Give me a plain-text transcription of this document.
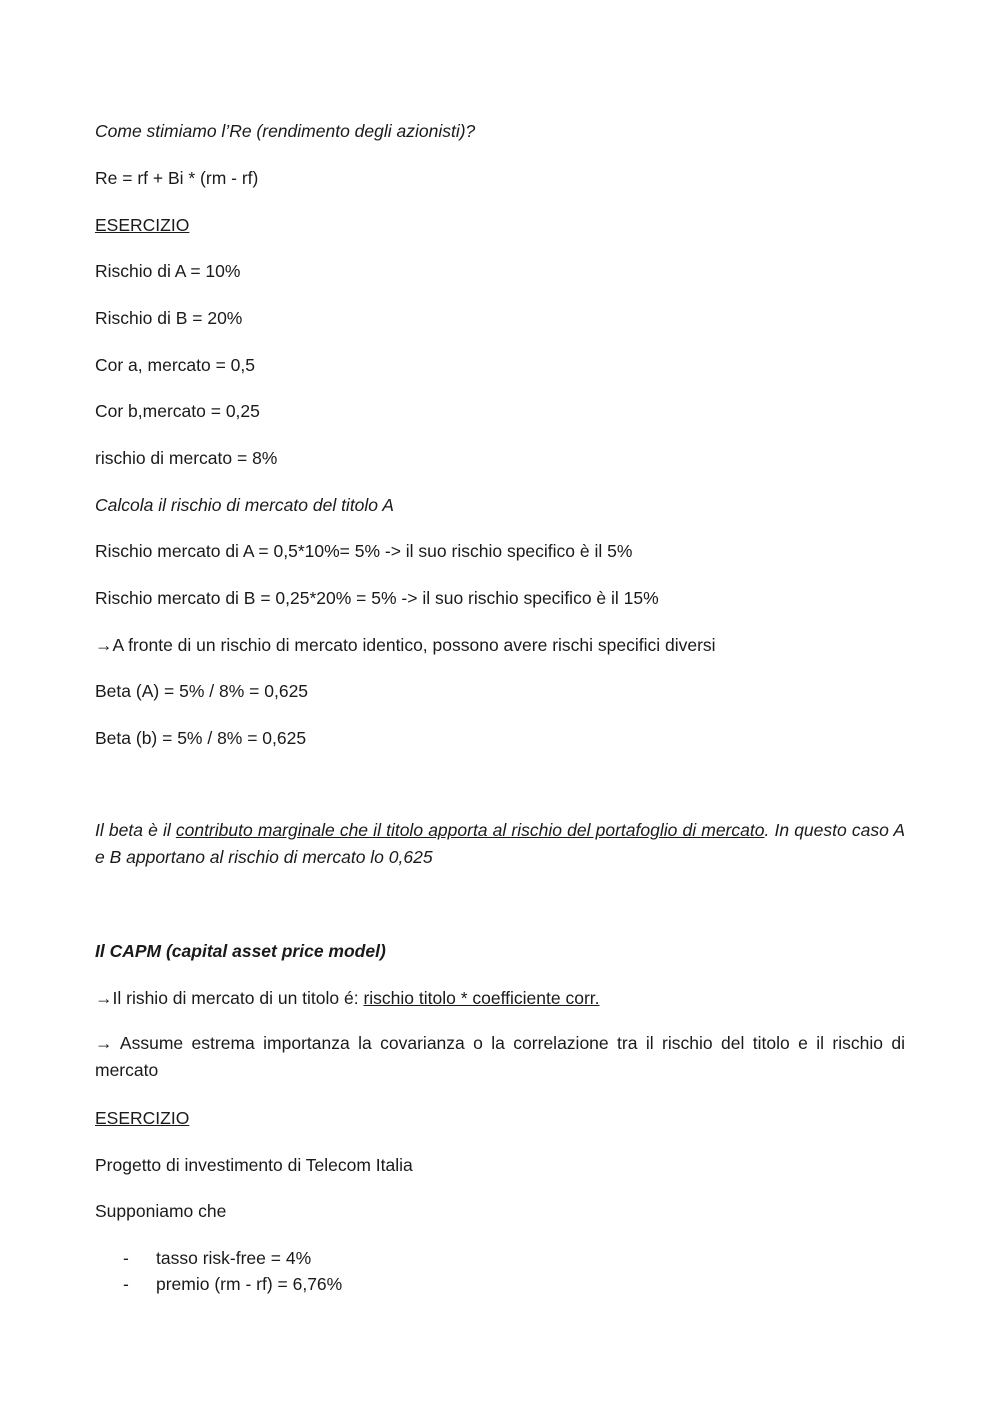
Come stimiamo l’Re (rendimento degli azionisti)?
Re = rf + Bi * (rm - rf)
ESERCIZIO
Rischio di A = 10%
Rischio di B = 20%
Cor a, mercato = 0,5
Cor b,mercato = 0,25
rischio di mercato = 8%
Calcola il rischio di mercato del titolo A
Rischio mercato di A = 0,5*10%= 5% -> il suo rischio specifico è il 5%
Rischio mercato di B = 0,25*20% = 5% -> il suo rischio specifico è il 15%
→A fronte di un rischio di mercato identico, possono avere rischi specifici diversi
Beta (A) = 5% / 8% = 0,625
Beta (b) = 5% / 8% = 0,625
Il beta è il contributo marginale che il titolo apporta al rischio del portafoglio di mercato. In questo caso A e B apportano al rischio di mercato lo 0,625
Il CAPM (capital asset price model)
→Il rishio di mercato di un titolo é: rischio titolo * coefficiente corr.
→ Assume estrema importanza la covarianza o la correlazione tra il rischio del titolo e il rischio di mercato
ESERCIZIO
Progetto di investimento di Telecom Italia
Supponiamo che
- tasso risk-free = 4%
- premio (rm - rf) = 6,76%
